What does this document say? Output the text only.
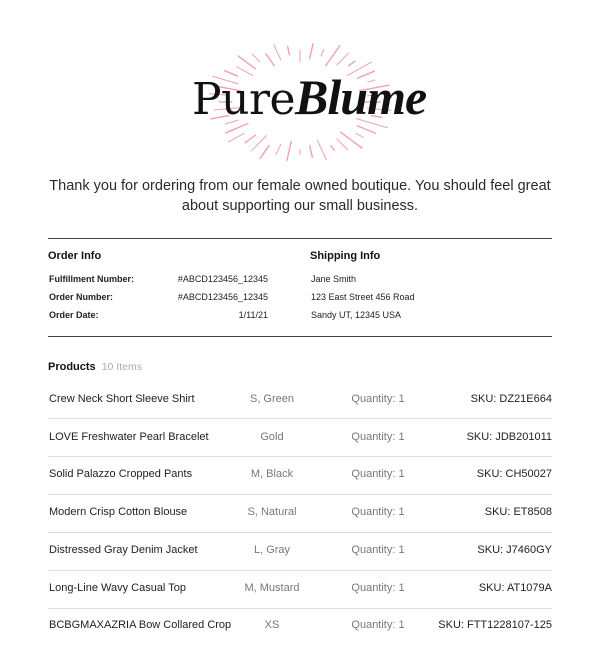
PureBlume
Thank you for ordering from our female owned boutique. You should feel great about supporting our small business.
Order Info
Fulfillment Number:	#ABCD123456_12345
Order Number:	#ABCD123456_12345
Order Date:	1/11/21
Shipping Info
Jane Smith
123 East Street 456 Road
Sandy UT, 12345 USA
Products 10 Items
Crew Neck Short Sleeve Shirt	S, Green	Quantity: 1	SKU: DZ21E664
LOVE Freshwater Pearl Bracelet	Gold	Quantity: 1	SKU: JDB201011
Solid Palazzo Cropped Pants	M, Black	Quantity: 1	SKU: CH50027
Modern Crisp Cotton Blouse	S, Natural	Quantity: 1	SKU: ET8508
Distressed Gray Denim Jacket	L, Gray	Quantity: 1	SKU: J7460GY
Long-Line Wavy Casual Top	M, Mustard	Quantity: 1	SKU: AT1079A
BCBGMAXAZRIA Bow Collared Crop	XS	Quantity: 1	SKU: FTT1228107-125
